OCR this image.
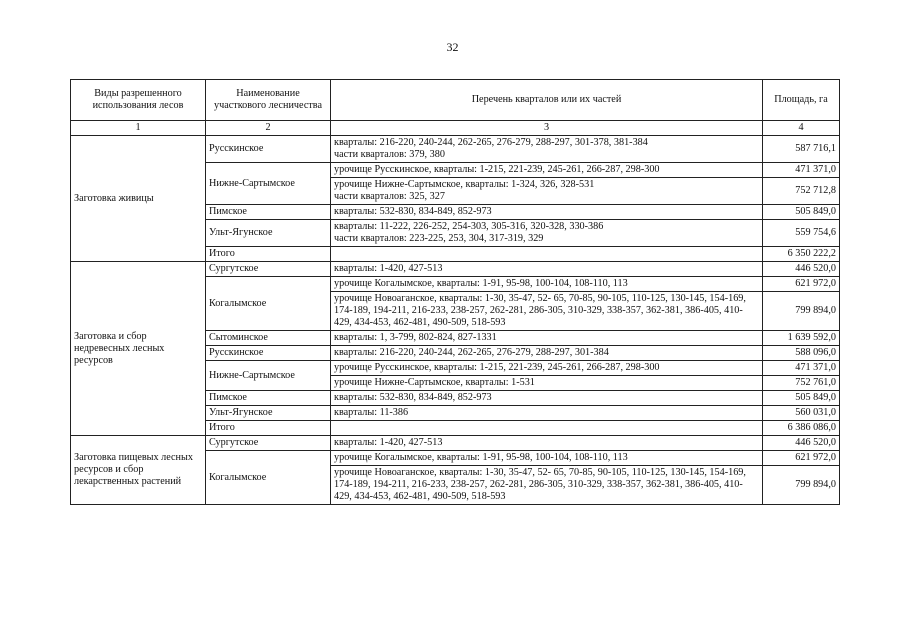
32
Виды разрешенного использования лесов	Наименование участкового лесничества	Перечень кварталов или их частей	Площадь, га
1	2	3	4
Заготовка живицы	Русскинское	кварталы: 216-220, 240-244, 262-265, 276-279, 288-297, 301-378, 381-384
части кварталов: 379, 380	587 716,1
	Нижне-Сартымское	урочище Русскинское, кварталы: 1-215, 221-239, 245-261, 266-287, 298-300	471 371,0

		урочище Нижне-Сартымское, кварталы: 1-324, 326, 328-531
части кварталов: 325, 327	752 712,8
	Пимское	кварталы: 532-830, 834-849, 852-973	505 849,0
	Ульт-Ягунское	кварталы: 11-222, 226-252, 254-303, 305-316, 320-328, 330-386
части кварталов: 223-225, 253, 304, 317-319, 329	559 754,6
	Итого		6 350 222,2
Заготовка и сбор недревесных лесных ресурсов	Сургутское	кварталы: 1-420, 427-513	446 520,0
	Когалымское	урочище Когалымское, кварталы: 1-91, 95-98, 100-104, 108-110, 113	621 972,0

		урочище Новоаганское, кварталы: 1-30, 35-47, 52- 65, 70-85, 90-105, 110-125, 130-145, 154-169, 174-189, 194-211, 216-233, 238-257, 262-281, 286-305, 310-329, 338-357, 362-381, 386-405, 410-429, 434-453, 462-481, 490-509, 518-593	799 894,0
	Сытоминское	кварталы: 1, 3-799, 802-824, 827-1331	1 639 592,0
	Русскинское	кварталы: 216-220, 240-244, 262-265, 276-279, 288-297, 301-384	588 096,0
	Нижне-Сартымское	урочище Русскинское, кварталы: 1-215, 221-239, 245-261, 266-287, 298-300	471 371,0

		урочище Нижне-Сартымское, кварталы: 1-531	752 761,0
	Пимское	кварталы: 532-830, 834-849, 852-973	505 849,0
	Ульт-Ягунское	кварталы: 11-386	560 031,0
	Итого		6 386 086,0
Заготовка пищевых лесных ресурсов и сбор лекарственных растений	Сургутское	кварталы: 1-420, 427-513	446 520,0
	Когалымское	урочище Когалымское, кварталы: 1-91, 95-98, 100-104, 108-110, 113	621 972,0

		урочище Новоаганское, кварталы: 1-30, 35-47, 52- 65, 70-85, 90-105, 110-125, 130-145, 154-169, 174-189, 194-211, 216-233, 238-257, 262-281, 286-305, 310-329, 338-357, 362-381, 386-405, 410-429, 434-453, 462-481, 490-509, 518-593	799 894,0
